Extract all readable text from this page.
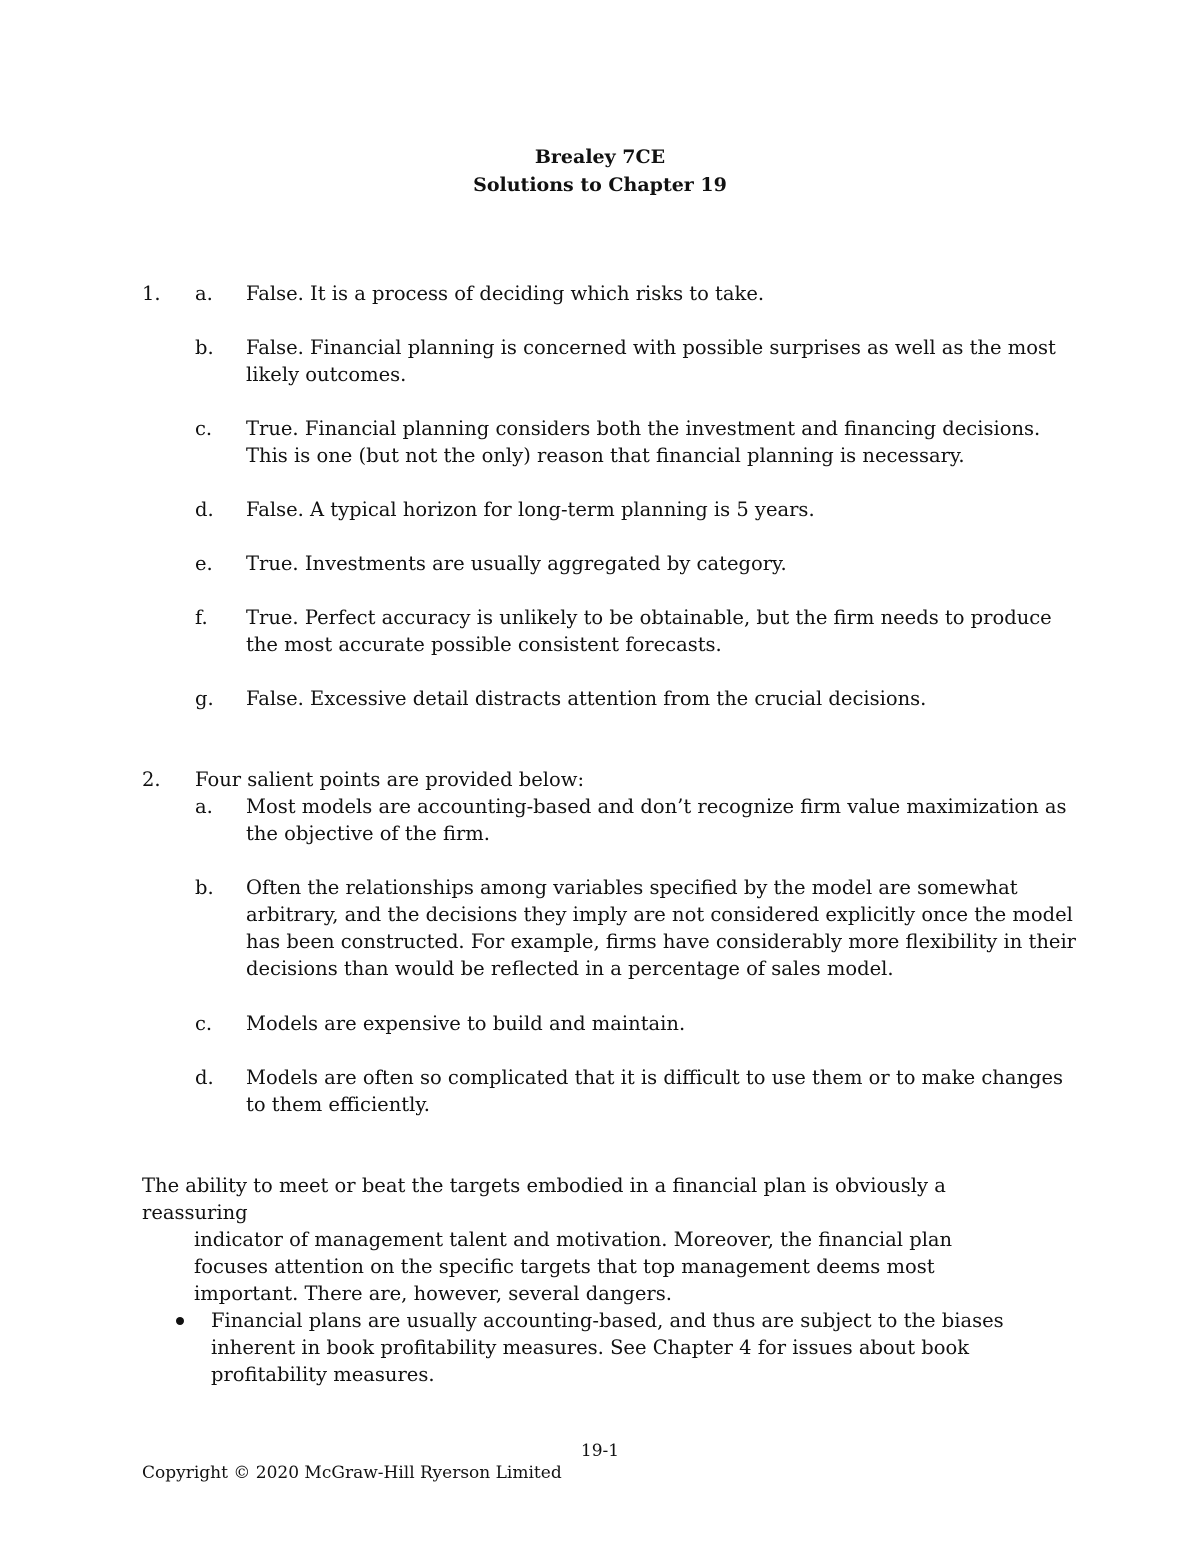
Brealey 7CE
Solutions to Chapter 19
1. a. False. It is a process of deciding which risks to take.
b. False. Financial planning is concerned with possible surprises as well as the most likely outcomes.
c. True. Financial planning considers both the investment and financing decisions. This is one (but not the only) reason that financial planning is necessary.
d. False. A typical horizon for long-term planning is 5 years.
e. True. Investments are usually aggregated by category.
f. True. Perfect accuracy is unlikely to be obtainable, but the firm needs to produce the most accurate possible consistent forecasts.
g. False. Excessive detail distracts attention from the crucial decisions.
2. Four salient points are provided below:
a. Most models are accounting-based and don’t recognize firm value maximization as the objective of the firm.
b. Often the relationships among variables specified by the model are somewhat arbitrary, and the decisions they imply are not considered explicitly once the model has been constructed. For example, firms have considerably more flexibility in their decisions than would be reflected in a percentage of sales model.
c. Models are expensive to build and maintain.
d. Models are often so complicated that it is difficult to use them or to make changes to them efficiently.
The ability to meet or beat the targets embodied in a financial plan is obviously a reassuring
indicator of management talent and motivation. Moreover, the financial plan focuses attention on the specific targets that top management deems most important. There are, however, several dangers.
Financial plans are usually accounting-based, and thus are subject to the biases inherent in book profitability measures. See Chapter 4 for issues about book profitability measures.
19-1
Copyright © 2020 McGraw-Hill Ryerson Limited
